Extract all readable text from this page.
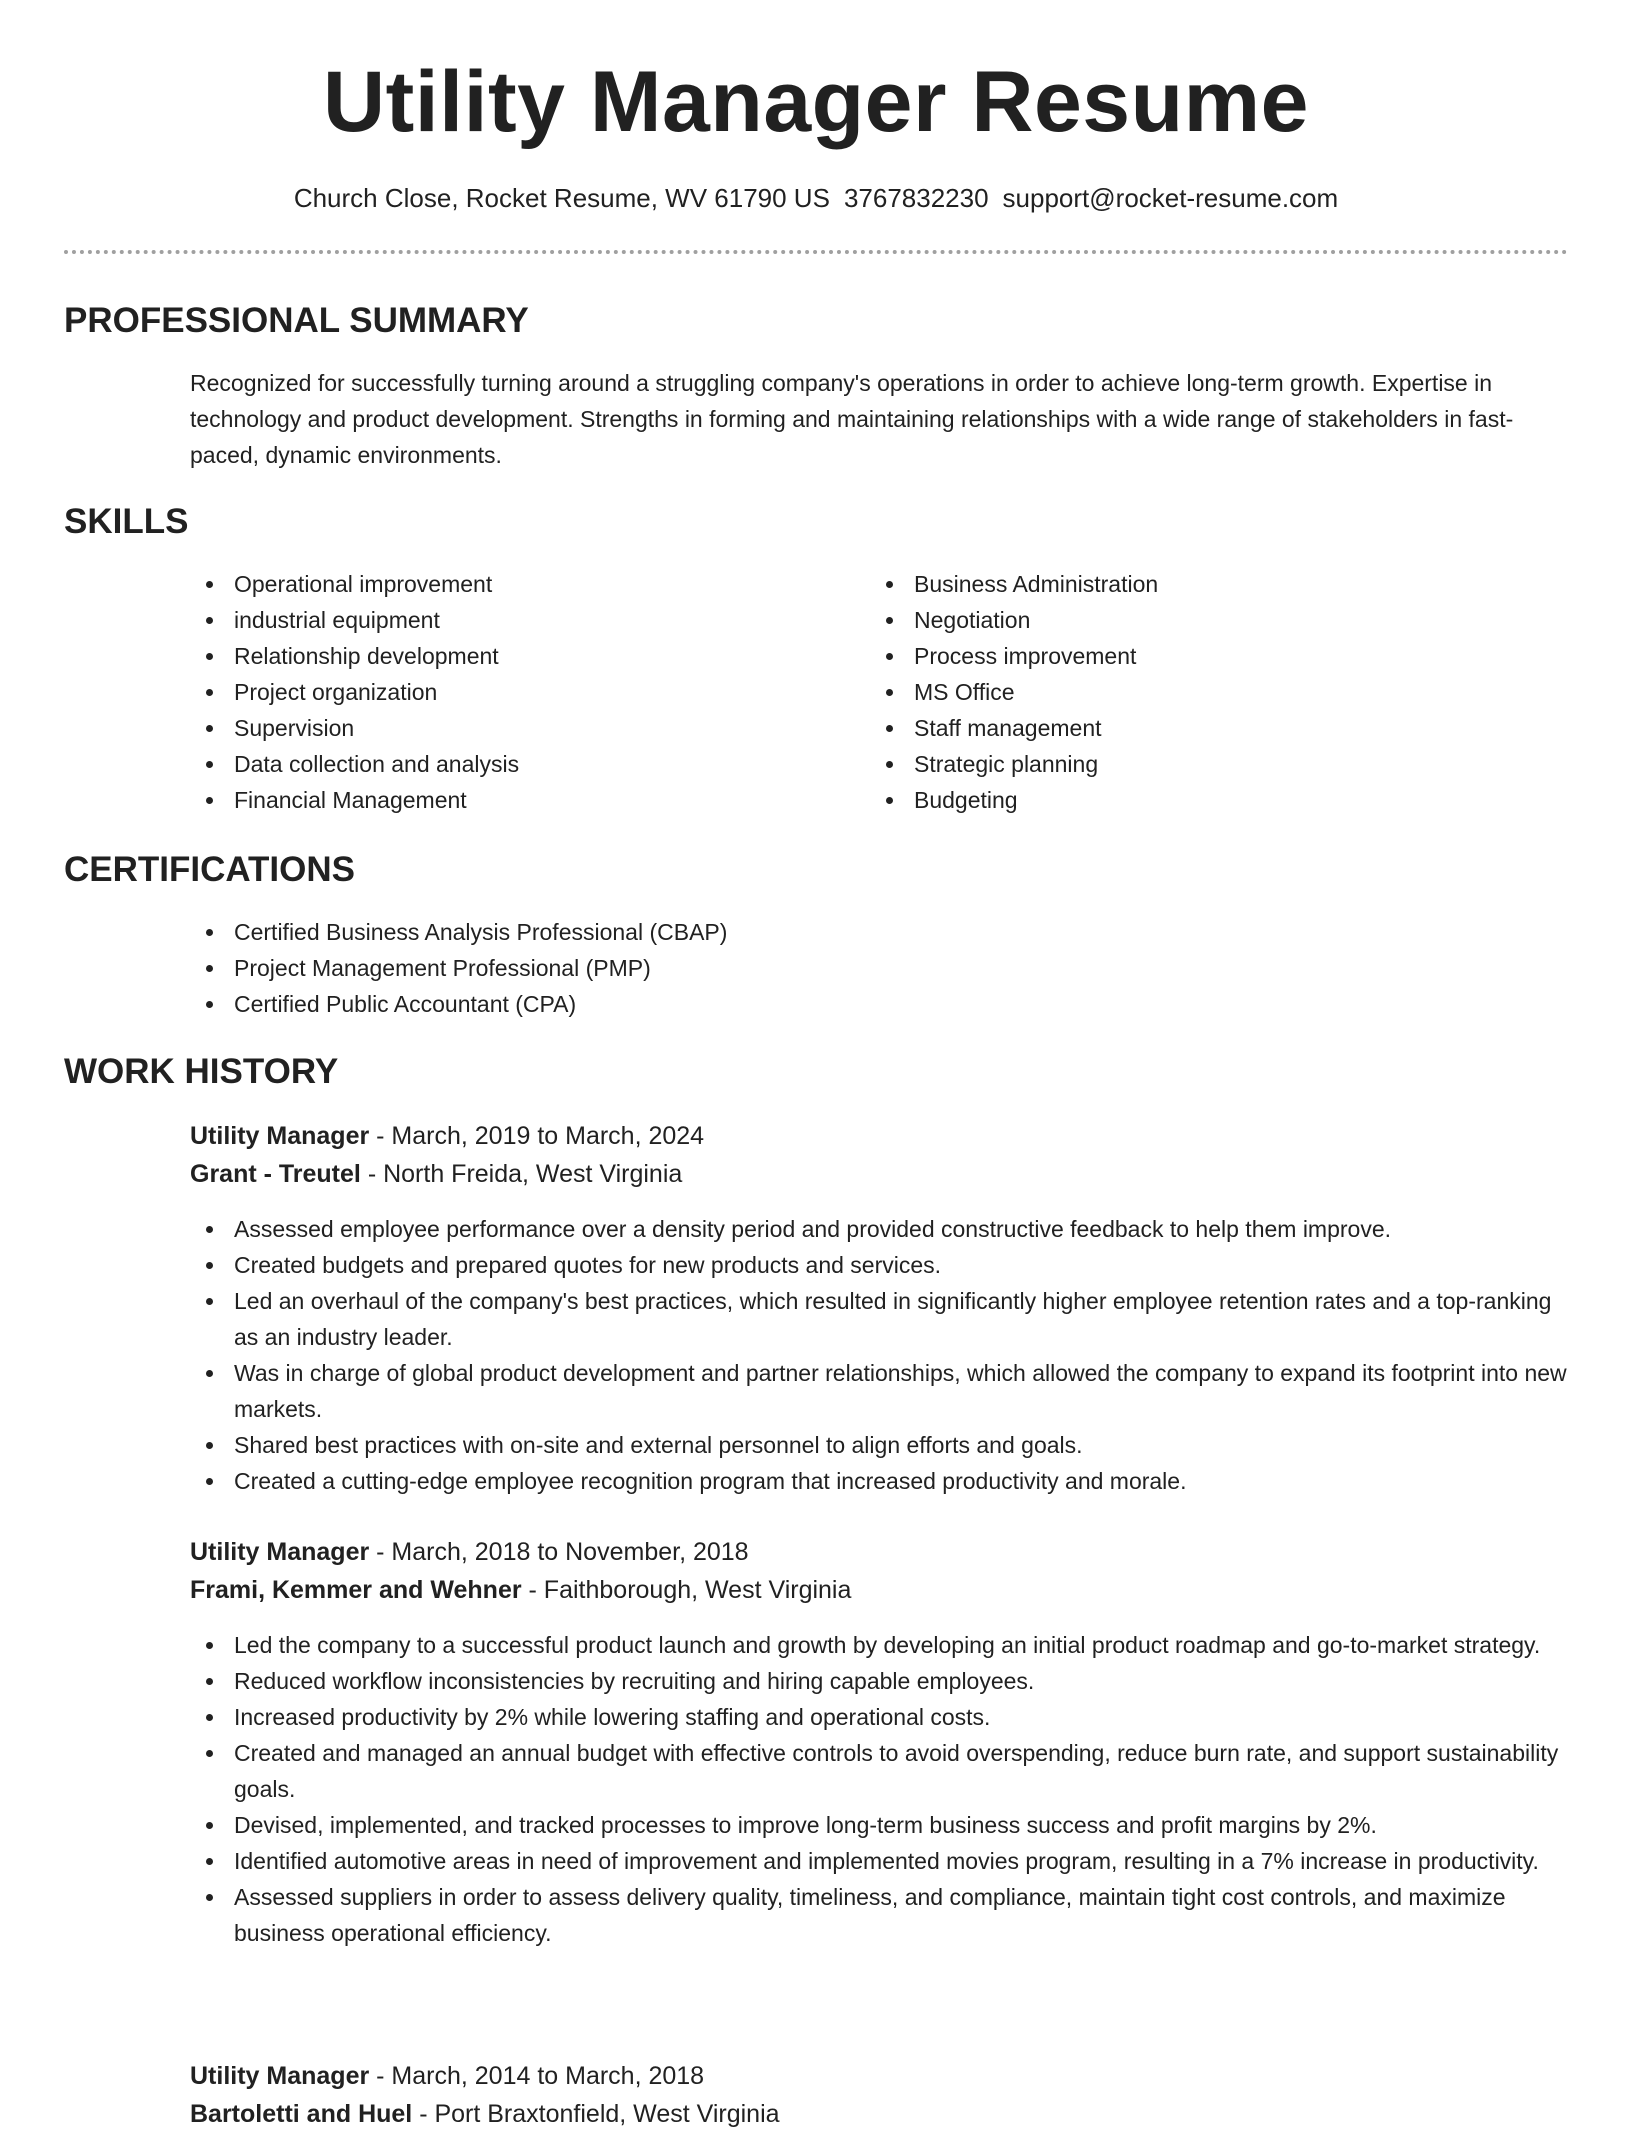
Utility Manager Resume
Church Close, Rocket Resume, WV 61790 US 3767832230 support@rocket-resume.com
PROFESSIONAL SUMMARY

Recognized for successfully turning around a struggling company's operations in order to achieve long-term growth. Expertise in technology and product development. Strengths in forming and maintaining relationships with a wide range of stakeholders in fast-paced, dynamic environments.

SKILLS
Operational improvement
industrial equipment
Relationship development
Project organization
Supervision
Data collection and analysis
Financial Management
Business Administration
Negotiation
Process improvement
MS Office
Staff management
Strategic planning
Budgeting
CERTIFICATIONS
Certified Business Analysis Professional (CBAP)
Project Management Professional (PMP)
Certified Public Accountant (CPA)
WORK HISTORY

Utility Manager - March, 2019 to March, 2024

Grant - Treutel - North Freida, West Virginia

Assessed employee performance over a density period and provided constructive feedback to help them improve.
Created budgets and prepared quotes for new products and services.
Led an overhaul of the company's best practices, which resulted in significantly higher employee retention rates and a top-ranking as an industry leader.
Was in charge of global product development and partner relationships, which allowed the company to expand its footprint into new markets.
Shared best practices with on-site and external personnel to align efforts and goals.
Created a cutting-edge employee recognition program that increased productivity and morale.

Utility Manager - March, 2018 to November, 2018

Frami, Kemmer and Wehner - Faithborough, West Virginia

Led the company to a successful product launch and growth by developing an initial product roadmap and go-to-market strategy.
Reduced workflow inconsistencies by recruiting and hiring capable employees.
Increased productivity by 2% while lowering staffing and operational costs.
Created and managed an annual budget with effective controls to avoid overspending, reduce burn rate, and support sustainability goals.
Devised, implemented, and tracked processes to improve long-term business success and profit margins by 2%.
Identified automotive areas in need of improvement and implemented movies program, resulting in a 7% increase in productivity.
Assessed suppliers in order to assess delivery quality, timeliness, and compliance, maintain tight cost controls, and maximize business operational efficiency.

Utility Manager - March, 2014 to March, 2018

Bartoletti and Huel - Port Braxtonfield, West Virginia
